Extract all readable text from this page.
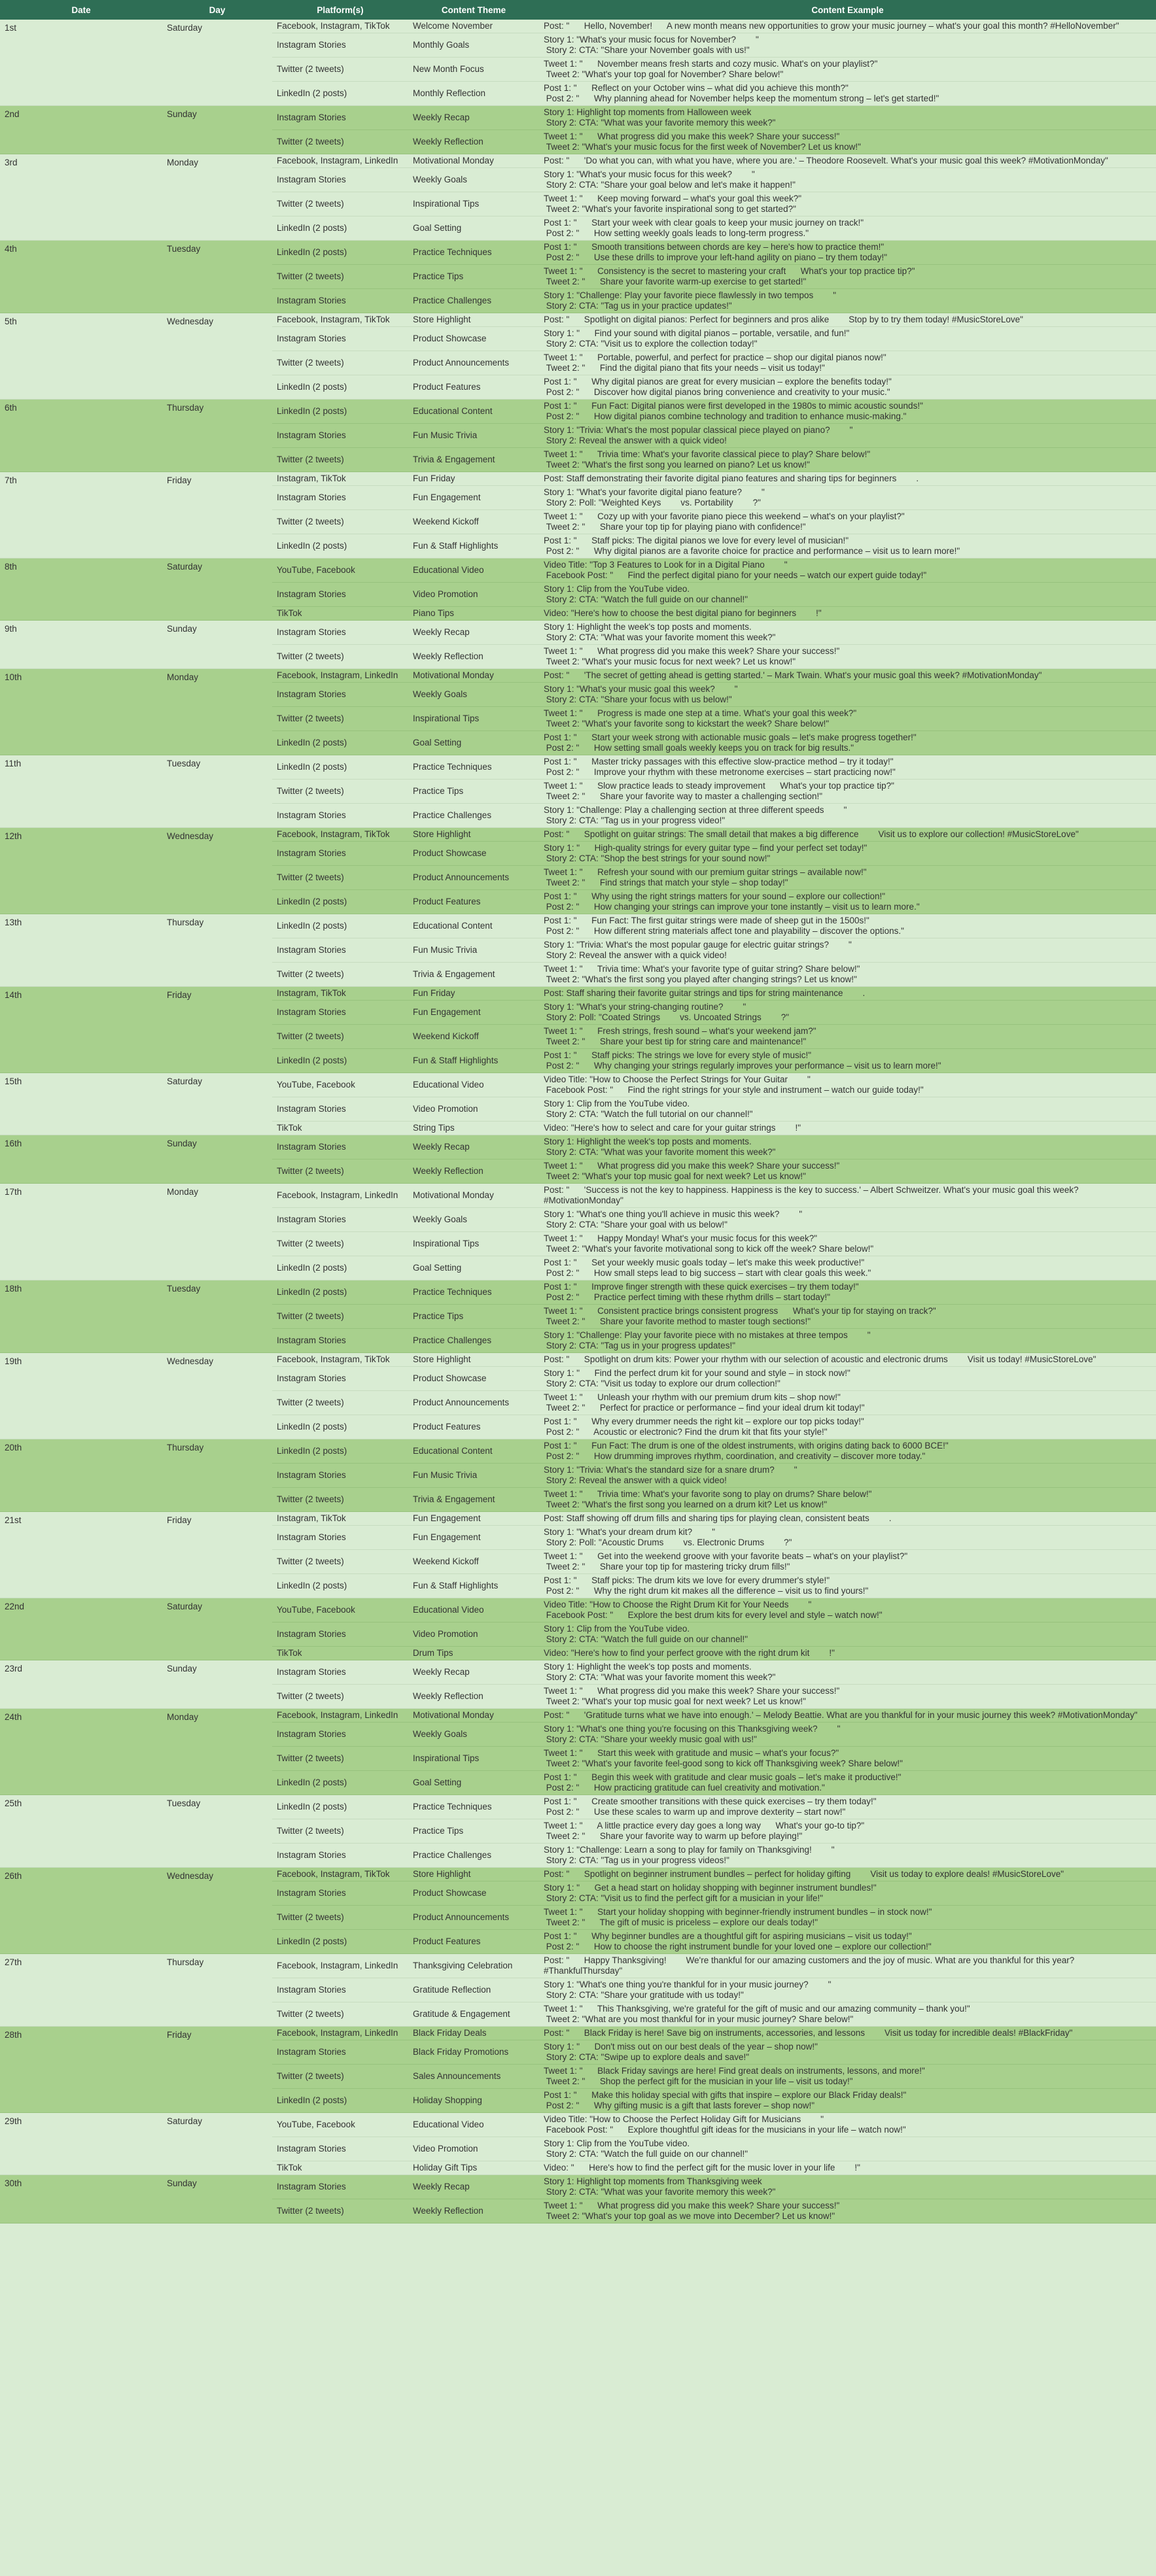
Date	Day	Platform(s)	Content Theme	Content Example
1st	Saturday	Facebook, Instagram, TikTok	Welcome November	Post: "      Hello, November!      A new month means new opportunities to grow your music journey – what's your goal this month? #HelloNovember"
		Instagram Stories	Monthly Goals	Story 1: "What's your music focus for November?        "
Story 2: CTA: "Share your November goals with us!"
		Twitter (2 tweets)	New Month Focus	Tweet 1: "      November means fresh starts and cozy music. What's on your playlist?"
Tweet 2: "What's your top goal for November? Share below!"
		LinkedIn (2 posts)	Monthly Reflection	Post 1: "      Reflect on your October wins – what did you achieve this month?"
Post 2: "      Why planning ahead for November helps keep the momentum strong – let's get started!"
2nd	Sunday	Instagram Stories	Weekly Recap	Story 1: Highlight top moments from Halloween week
Story 2: CTA: "What was your favorite memory this week?"
		Twitter (2 tweets)	Weekly Reflection	Tweet 1: "      What progress did you make this week? Share your success!"
Tweet 2: "What's your music focus for the first week of November? Let us know!"
3rd	Monday	Facebook, Instagram, LinkedIn	Motivational Monday	Post: "      'Do what you can, with what you have, where you are.' – Theodore Roosevelt. What's your music goal this week? #MotivationMonday"
		Instagram Stories	Weekly Goals	Story 1: "What's your music focus for this week?        "
Story 2: CTA: "Share your goal below and let's make it happen!"
		Twitter (2 tweets)	Inspirational Tips	Tweet 1: "      Keep moving forward – what's your goal this week?"
Tweet 2: "What's your favorite inspirational song to get started?"
		LinkedIn (2 posts)	Goal Setting	Post 1: "      Start your week with clear goals to keep your music journey on track!"
Post 2: "      How setting weekly goals leads to long-term progress."
4th	Tuesday	LinkedIn (2 posts)	Practice Techniques	Post 1: "      Smooth transitions between chords are key – here's how to practice them!"
Post 2: "      Use these drills to improve your left-hand agility on piano – try them today!"
		Twitter (2 tweets)	Practice Tips	Tweet 1: "      Consistency is the secret to mastering your craft      What's your top practice tip?"
Tweet 2: "      Share your favorite warm-up exercise to get started!"
		Instagram Stories	Practice Challenges	Story 1: "Challenge: Play your favorite piece flawlessly in two tempos        "
Story 2: CTA: "Tag us in your practice updates!"
5th	Wednesday	Facebook, Instagram, TikTok	Store Highlight	Post: "      Spotlight on digital pianos: Perfect for beginners and pros alike        Stop by to try them today! #MusicStoreLove"
		Instagram Stories	Product Showcase	Story 1: "      Find your sound with digital pianos – portable, versatile, and fun!"
Story 2: CTA: "Visit us to explore the collection today!"
		Twitter (2 tweets)	Product Announcements	Tweet 1: "      Portable, powerful, and perfect for practice – shop our digital pianos now!"
Tweet 2: "      Find the digital piano that fits your needs – visit us today!"
		LinkedIn (2 posts)	Product Features	Post 1: "      Why digital pianos are great for every musician – explore the benefits today!"
Post 2: "      Discover how digital pianos bring convenience and creativity to your music."
6th	Thursday	LinkedIn (2 posts)	Educational Content	Post 1: "      Fun Fact: Digital pianos were first developed in the 1980s to mimic acoustic sounds!"
Post 2: "      How digital pianos combine technology and tradition to enhance music-making."
		Instagram Stories	Fun Music Trivia	Story 1: "Trivia: What's the most popular classical piece played on piano?        "
Story 2: Reveal the answer with a quick video!
		Twitter (2 tweets)	Trivia & Engagement	Tweet 1: "      Trivia time: What's your favorite classical piece to play? Share below!"
Tweet 2: "What's the first song you learned on piano? Let us know!"
7th	Friday	Instagram, TikTok	Fun Friday	Post: Staff demonstrating their favorite digital piano features and sharing tips for beginners        .
		Instagram Stories	Fun Engagement	Story 1: "What's your favorite digital piano feature?        "
Story 2: Poll: "Weighted Keys        vs. Portability        ?"
		Twitter (2 tweets)	Weekend Kickoff	Tweet 1: "      Cozy up with your favorite piano piece this weekend – what's on your playlist?"
Tweet 2: "      Share your top tip for playing piano with confidence!"
		LinkedIn (2 posts)	Fun & Staff Highlights	Post 1: "      Staff picks: The digital pianos we love for every level of musician!"
Post 2: "      Why digital pianos are a favorite choice for practice and performance – visit us to learn more!"
8th	Saturday	YouTube, Facebook	Educational Video	Video Title: "Top 3 Features to Look for in a Digital Piano        "
Facebook Post: "      Find the perfect digital piano for your needs – watch our expert guide today!"
		Instagram Stories	Video Promotion	Story 1: Clip from the YouTube video.
Story 2: CTA: "Watch the full guide on our channel!"
		TikTok	Piano Tips	Video: "Here's how to choose the best digital piano for beginners        !"
9th	Sunday	Instagram Stories	Weekly Recap	Story 1: Highlight the week's top posts and moments.
Story 2: CTA: "What was your favorite moment this week?"
		Twitter (2 tweets)	Weekly Reflection	Tweet 1: "      What progress did you make this week? Share your success!"
Tweet 2: "What's your music focus for next week? Let us know!"
10th	Monday	Facebook, Instagram, LinkedIn	Motivational Monday	Post: "      'The secret of getting ahead is getting started.' – Mark Twain. What's your music goal this week? #MotivationMonday"
		Instagram Stories	Weekly Goals	Story 1: "What's your music goal this week?        "
Story 2: CTA: "Share your focus with us below!"
		Twitter (2 tweets)	Inspirational Tips	Tweet 1: "      Progress is made one step at a time. What's your goal this week?"
Tweet 2: "What's your favorite song to kickstart the week? Share below!"
		LinkedIn (2 posts)	Goal Setting	Post 1: "      Start your week strong with actionable music goals – let's make progress together!"
Post 2: "      How setting small goals weekly keeps you on track for big results."
11th	Tuesday	LinkedIn (2 posts)	Practice Techniques	Post 1: "      Master tricky passages with this effective slow-practice method – try it today!"
Post 2: "      Improve your rhythm with these metronome exercises – start practicing now!"
		Twitter (2 tweets)	Practice Tips	Tweet 1: "      Slow practice leads to steady improvement      What's your top practice tip?"
Tweet 2: "      Share your favorite way to master a challenging section!"
		Instagram Stories	Practice Challenges	Story 1: "Challenge: Play a challenging section at three different speeds        "
Story 2: CTA: "Tag us in your progress video!"
12th	Wednesday	Facebook, Instagram, TikTok	Store Highlight	Post: "      Spotlight on guitar strings: The small detail that makes a big difference        Visit us to explore our collection! #MusicStoreLove"
		Instagram Stories	Product Showcase	Story 1: "      High-quality strings for every guitar type – find your perfect set today!"
Story 2: CTA: "Shop the best strings for your sound now!"
		Twitter (2 tweets)	Product Announcements	Tweet 1: "      Refresh your sound with our premium guitar strings – available now!"
Tweet 2: "      Find strings that match your style – shop today!"
		LinkedIn (2 posts)	Product Features	Post 1: "      Why using the right strings matters for your sound – explore our collection!"
Post 2: "      How changing your strings can improve your tone instantly – visit us to learn more."
13th	Thursday	LinkedIn (2 posts)	Educational Content	Post 1: "      Fun Fact: The first guitar strings were made of sheep gut in the 1500s!"
Post 2: "      How different string materials affect tone and playability – discover the options."
		Instagram Stories	Fun Music Trivia	Story 1: "Trivia: What's the most popular gauge for electric guitar strings?        "
Story 2: Reveal the answer with a quick video!
		Twitter (2 tweets)	Trivia & Engagement	Tweet 1: "      Trivia time: What's your favorite type of guitar string? Share below!"
Tweet 2: "What's the first song you played after changing strings? Let us know!"
14th	Friday	Instagram, TikTok	Fun Friday	Post: Staff sharing their favorite guitar strings and tips for string maintenance        .
		Instagram Stories	Fun Engagement	Story 1: "What's your string-changing routine?        "
Story 2: Poll: "Coated Strings        vs. Uncoated Strings        ?"
		Twitter (2 tweets)	Weekend Kickoff	Tweet 1: "      Fresh strings, fresh sound – what's your weekend jam?"
Tweet 2: "      Share your best tip for string care and maintenance!"
		LinkedIn (2 posts)	Fun & Staff Highlights	Post 1: "      Staff picks: The strings we love for every style of music!"
Post 2: "      Why changing your strings regularly improves your performance – visit us to learn more!"
15th	Saturday	YouTube, Facebook	Educational Video	Video Title: "How to Choose the Perfect Strings for Your Guitar        "
Facebook Post: "      Find the right strings for your style and instrument – watch our guide today!"
		Instagram Stories	Video Promotion	Story 1: Clip from the YouTube video.
Story 2: CTA: "Watch the full tutorial on our channel!"
		TikTok	String Tips	Video: "Here's how to select and care for your guitar strings        !"
16th	Sunday	Instagram Stories	Weekly Recap	Story 1: Highlight the week's top posts and moments.
Story 2: CTA: "What was your favorite moment this week?"
		Twitter (2 tweets)	Weekly Reflection	Tweet 1: "      What progress did you make this week? Share your success!"
Tweet 2: "What's your top music goal for next week? Let us know!"
17th	Monday	Facebook, Instagram, LinkedIn	Motivational Monday	Post: "      'Success is not the key to happiness. Happiness is the key to success.' – Albert Schweitzer. What's your music goal this week? #MotivationMonday"
		Instagram Stories	Weekly Goals	Story 1: "What's one thing you'll achieve in music this week?        "
Story 2: CTA: "Share your goal with us below!"
		Twitter (2 tweets)	Inspirational Tips	Tweet 1: "      Happy Monday! What's your music focus for this week?"
Tweet 2: "What's your favorite motivational song to kick off the week? Share below!"
		LinkedIn (2 posts)	Goal Setting	Post 1: "      Set your weekly music goals today – let's make this week productive!"
Post 2: "      How small steps lead to big success – start with clear goals this week."
18th	Tuesday	LinkedIn (2 posts)	Practice Techniques	Post 1: "      Improve finger strength with these quick exercises – try them today!"
Post 2: "      Practice perfect timing with these rhythm drills – start today!"
		Twitter (2 tweets)	Practice Tips	Tweet 1: "      Consistent practice brings consistent progress      What's your tip for staying on track?"
Tweet 2: "      Share your favorite method to master tough sections!"
		Instagram Stories	Practice Challenges	Story 1: "Challenge: Play your favorite piece with no mistakes at three tempos        "
Story 2: CTA: "Tag us in your progress updates!"
19th	Wednesday	Facebook, Instagram, TikTok	Store Highlight	Post: "      Spotlight on drum kits: Power your rhythm with our selection of acoustic and electronic drums        Visit us today! #MusicStoreLove"
		Instagram Stories	Product Showcase	Story 1: "      Find the perfect drum kit for your sound and style – in stock now!"
Story 2: CTA: "Visit us today to explore our drum collection!"
		Twitter (2 tweets)	Product Announcements	Tweet 1: "      Unleash your rhythm with our premium drum kits – shop now!"
Tweet 2: "      Perfect for practice or performance – find your ideal drum kit today!"
		LinkedIn (2 posts)	Product Features	Post 1: "      Why every drummer needs the right kit – explore our top picks today!"
Post 2: "      Acoustic or electronic? Find the drum kit that fits your style!"
20th	Thursday	LinkedIn (2 posts)	Educational Content	Post 1: "      Fun Fact: The drum is one of the oldest instruments, with origins dating back to 6000 BCE!"
Post 2: "      How drumming improves rhythm, coordination, and creativity – discover more today."
		Instagram Stories	Fun Music Trivia	Story 1: "Trivia: What's the standard size for a snare drum?        "
Story 2: Reveal the answer with a quick video!
		Twitter (2 tweets)	Trivia & Engagement	Tweet 1: "      Trivia time: What's your favorite song to play on drums? Share below!"
Tweet 2: "What's the first song you learned on a drum kit? Let us know!"
21st	Friday	Instagram, TikTok	Fun Engagement	Post: Staff showing off drum fills and sharing tips for playing clean, consistent beats        .
		Instagram Stories	Fun Engagement	Story 1: "What's your dream drum kit?        "
Story 2: Poll: "Acoustic Drums        vs. Electronic Drums        ?"
		Twitter (2 tweets)	Weekend Kickoff	Tweet 1: "      Get into the weekend groove with your favorite beats – what's on your playlist?"
Tweet 2: "      Share your top tip for mastering tricky drum fills!"
		LinkedIn (2 posts)	Fun & Staff Highlights	Post 1: "      Staff picks: The drum kits we love for every drummer's style!"
Post 2: "      Why the right drum kit makes all the difference – visit us to find yours!"
22nd	Saturday	YouTube, Facebook	Educational Video	Video Title: "How to Choose the Right Drum Kit for Your Needs        "
Facebook Post: "      Explore the best drum kits for every level and style – watch now!"
		Instagram Stories	Video Promotion	Story 1: Clip from the YouTube video.
Story 2: CTA: "Watch the full guide on our channel!"
		TikTok	Drum Tips	Video: "Here's how to find your perfect groove with the right drum kit        !"
23rd	Sunday	Instagram Stories	Weekly Recap	Story 1: Highlight the week's top posts and moments.
Story 2: CTA: "What was your favorite moment this week?"
		Twitter (2 tweets)	Weekly Reflection	Tweet 1: "      What progress did you make this week? Share your success!"
Tweet 2: "What's your top music goal for next week? Let us know!"
24th	Monday	Facebook, Instagram, LinkedIn	Motivational Monday	Post: "      'Gratitude turns what we have into enough.' – Melody Beattie. What are you thankful for in your music journey this week? #MotivationMonday"
		Instagram Stories	Weekly Goals	Story 1: "What's one thing you're focusing on this Thanksgiving week?        "
Story 2: CTA: "Share your weekly music goal with us!"
		Twitter (2 tweets)	Inspirational Tips	Tweet 1: "      Start this week with gratitude and music – what's your focus?"
Tweet 2: "What's your favorite feel-good song to kick off Thanksgiving week? Share below!"
		LinkedIn (2 posts)	Goal Setting	Post 1: "      Begin this week with gratitude and clear music goals – let's make it productive!"
Post 2: "      How practicing gratitude can fuel creativity and motivation."
25th	Tuesday	LinkedIn (2 posts)	Practice Techniques	Post 1: "      Create smoother transitions with these quick exercises – try them today!"
Post 2: "      Use these scales to warm up and improve dexterity – start now!"
		Twitter (2 tweets)	Practice Tips	Tweet 1: "      A little practice every day goes a long way      What's your go-to tip?"
Tweet 2: "      Share your favorite way to warm up before playing!"
		Instagram Stories	Practice Challenges	Story 1: "Challenge: Learn a song to play for family on Thanksgiving!        "
Story 2: CTA: "Tag us in your progress videos!"
26th	Wednesday	Facebook, Instagram, TikTok	Store Highlight	Post: "      Spotlight on beginner instrument bundles – perfect for holiday gifting        Visit us today to explore deals! #MusicStoreLove"
		Instagram Stories	Product Showcase	Story 1: "      Get a head start on holiday shopping with beginner instrument bundles!"
Story 2: CTA: "Visit us to find the perfect gift for a musician in your life!"
		Twitter (2 tweets)	Product Announcements	Tweet 1: "      Start your holiday shopping with beginner-friendly instrument bundles – in stock now!"
Tweet 2: "      The gift of music is priceless – explore our deals today!"
		LinkedIn (2 posts)	Product Features	Post 1: "      Why beginner bundles are a thoughtful gift for aspiring musicians – visit us today!"
Post 2: "      How to choose the right instrument bundle for your loved one – explore our collection!"
27th	Thursday	Facebook, Instagram, LinkedIn	Thanksgiving Celebration	Post: "      Happy Thanksgiving!        We're thankful for our amazing customers and the joy of music. What are you thankful for this year? #ThankfulThursday"
		Instagram Stories	Gratitude Reflection	Story 1: "What's one thing you're thankful for in your music journey?        "
Story 2: CTA: "Share your gratitude with us today!"
		Twitter (2 tweets)	Gratitude & Engagement	Tweet 1: "      This Thanksgiving, we're grateful for the gift of music and our amazing community – thank you!"
Tweet 2: "What are you most thankful for in your music journey? Share below!"
28th	Friday	Facebook, Instagram, LinkedIn	Black Friday Deals	Post: "      Black Friday is here! Save big on instruments, accessories, and lessons        Visit us today for incredible deals! #BlackFriday"
		Instagram Stories	Black Friday Promotions	Story 1: "      Don't miss out on our best deals of the year – shop now!"
Story 2: CTA: "Swipe up to explore deals and save!"
		Twitter (2 tweets)	Sales Announcements	Tweet 1: "      Black Friday savings are here! Find great deals on instruments, lessons, and more!"
Tweet 2: "      Shop the perfect gift for the musician in your life – visit us today!"
		LinkedIn (2 posts)	Holiday Shopping	Post 1: "      Make this holiday special with gifts that inspire – explore our Black Friday deals!"
Post 2: "      Why gifting music is a gift that lasts forever – shop now!"
29th	Saturday	YouTube, Facebook	Educational Video	Video Title: "How to Choose the Perfect Holiday Gift for Musicians        "
Facebook Post: "      Explore thoughtful gift ideas for the musicians in your life – watch now!"
		Instagram Stories	Video Promotion	Story 1: Clip from the YouTube video.
Story 2: CTA: "Watch the full guide on our channel!"
		TikTok	Holiday Gift Tips	Video: "      Here's how to find the perfect gift for the music lover in your life        !"
30th	Sunday	Instagram Stories	Weekly Recap	Story 1: Highlight top moments from Thanksgiving week
Story 2: CTA: "What was your favorite memory this week?"
		Twitter (2 tweets)	Weekly Reflection	Tweet 1: "      What progress did you make this week? Share your success!"
Tweet 2: "What's your top goal as we move into December? Let us know!"
